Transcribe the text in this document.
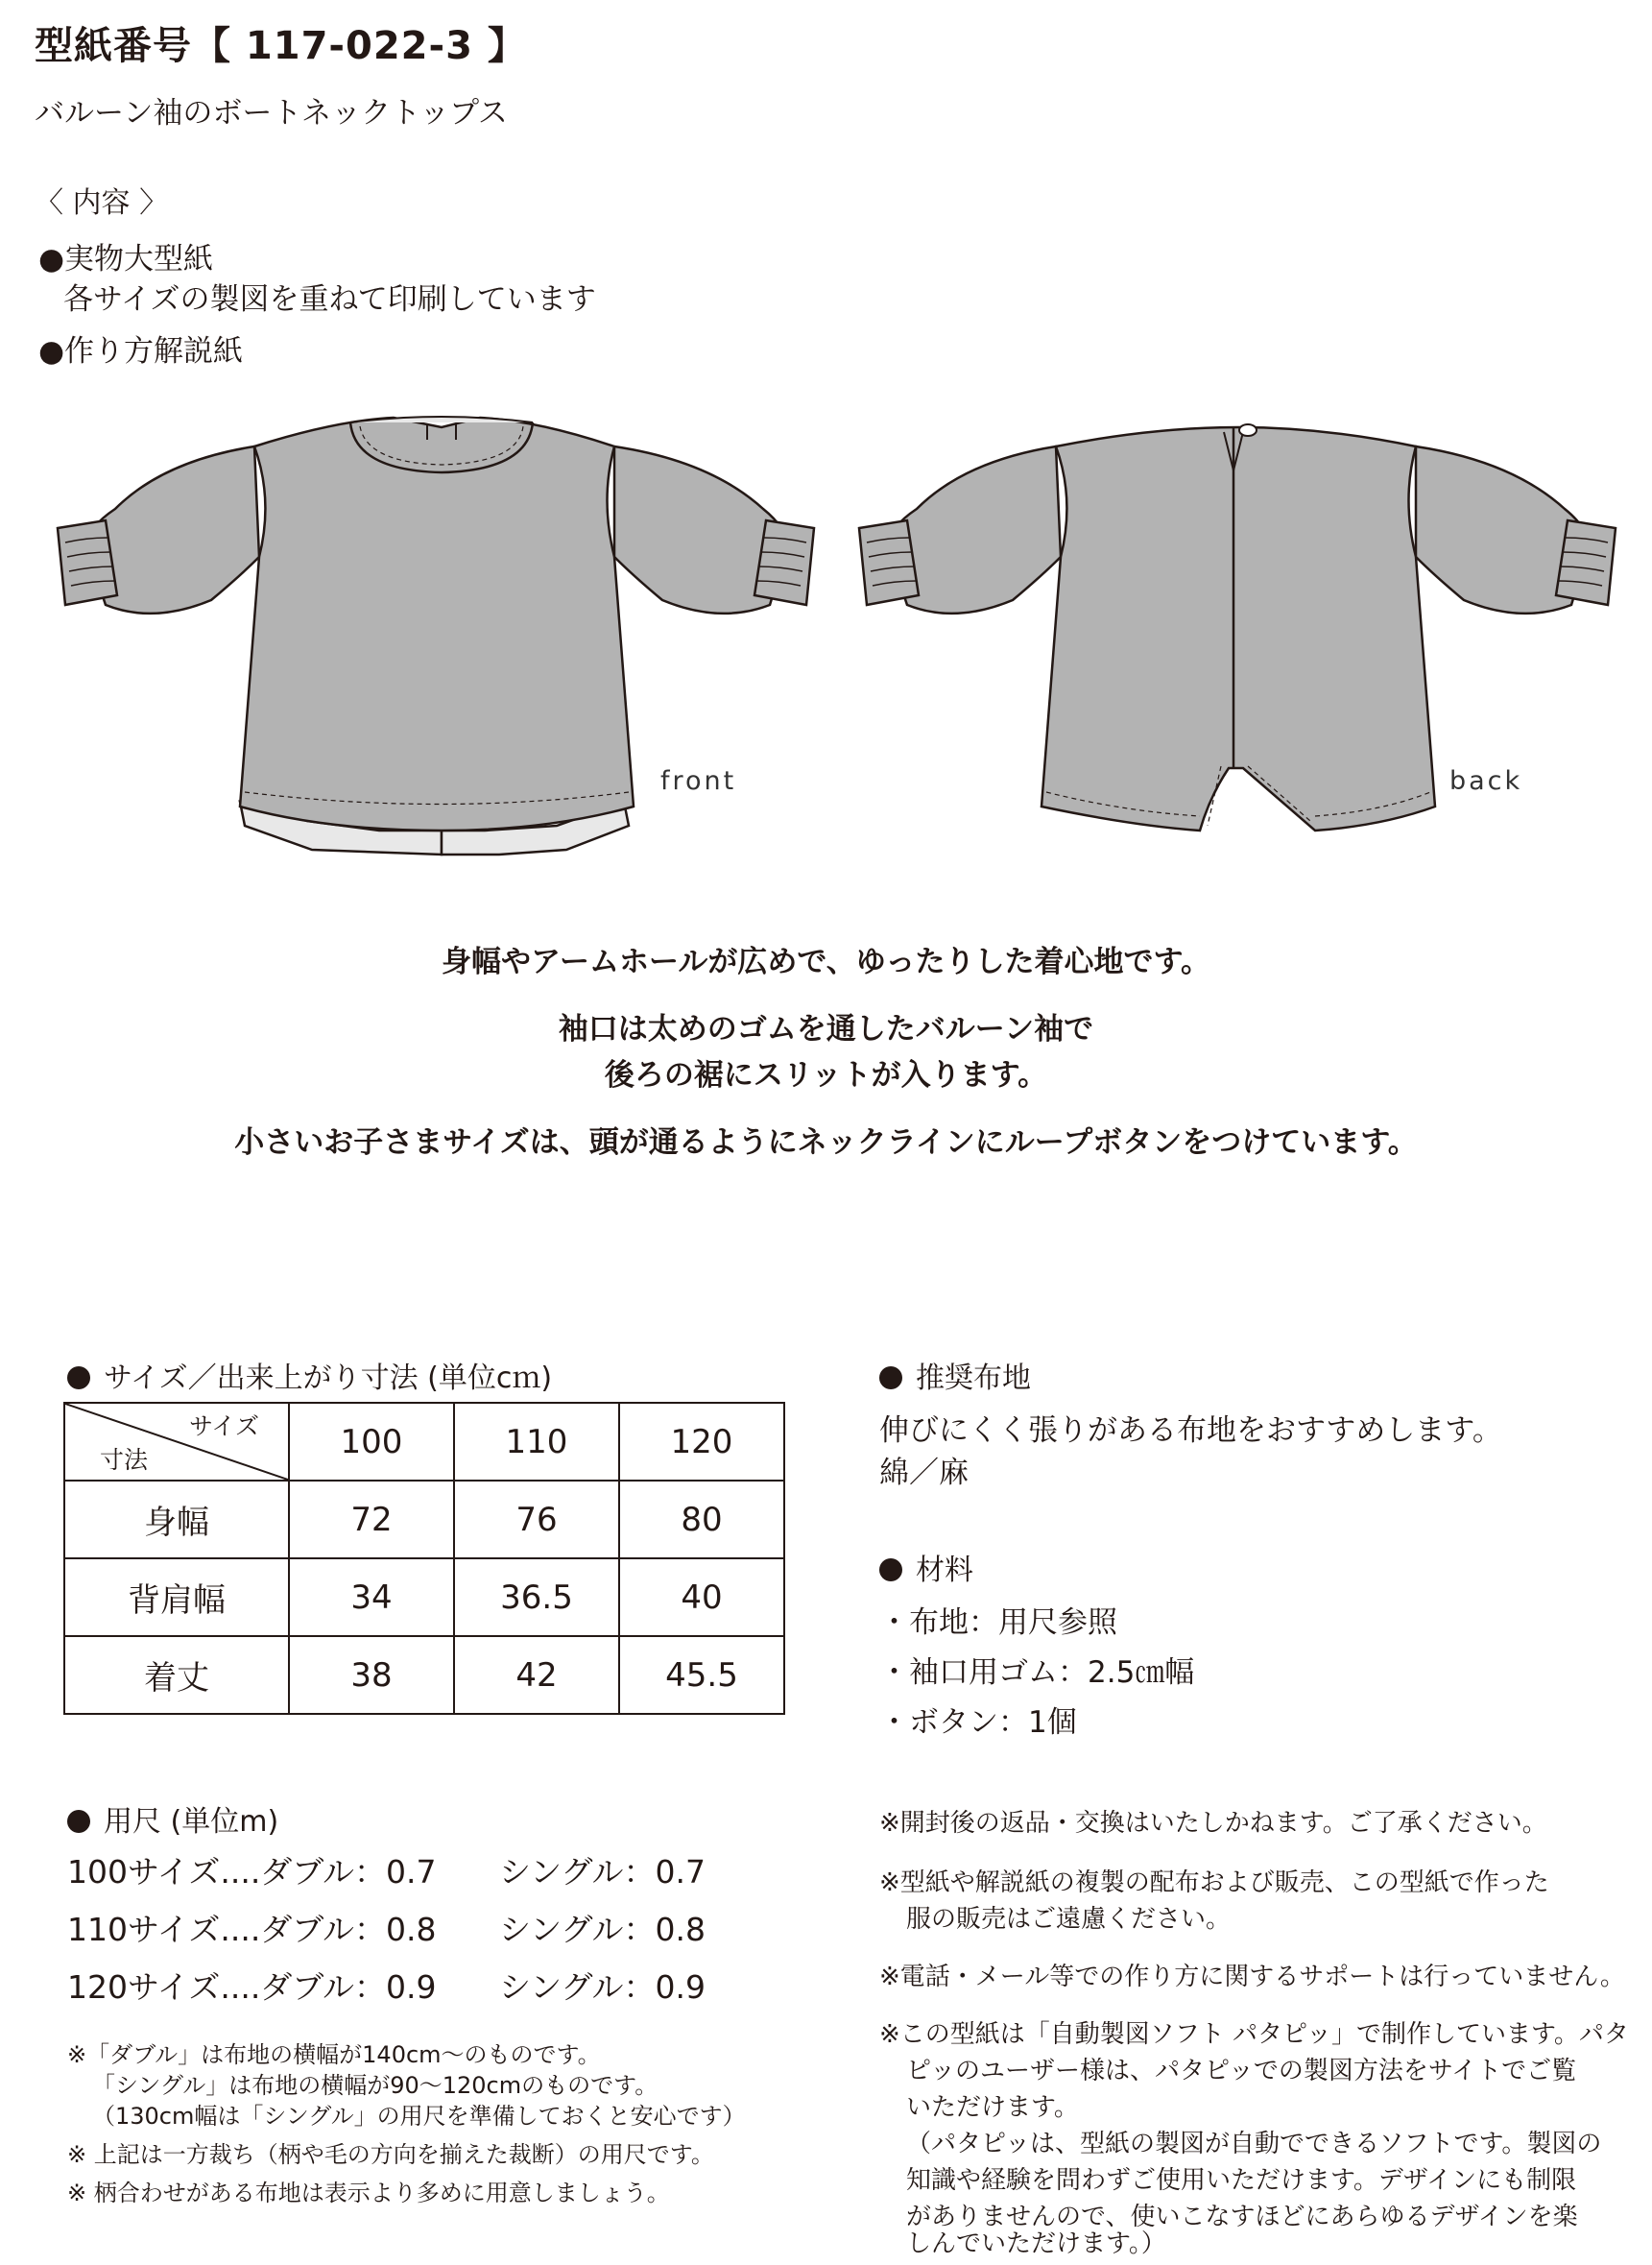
型紙番号【 117-022-3 】
バルーン袖のボートネックトップス
〈 内容 〉
●実物大型紙
各サイズの製図を重ねて印刷しています
●作り方解説紙
front	back
身幅やアームホールが広めで、ゆったりした着心地です。
袖口は太めのゴムを通したバルーン袖で
後ろの裾にスリットが入ります。
小さいお子さまサイズは、頭が通るようにネックラインにループボタンをつけています。
サイズ／出来上がり寸法 (単位cｍ)
サイズ
寸法	100	110	120
身幅	72	76	80
背肩幅	34	36.5	40
着丈	38	42	45.5
用尺 (単位m)
100サイズ....ダブル：0.7 シングル：0.7
110サイズ....ダブル：0.8 シングル：0.8
120サイズ....ダブル：0.9 シングル：0.9
※「ダブル」は布地の横幅が140cm〜のものです。
「シングル」は布地の横幅が90〜120cmのものです。
（130cm幅は「シングル」の用尺を準備しておくと安心です）
※ 上記は一方裁ち（柄や毛の方向を揃えた裁断）の用尺です。
※ 柄合わせがある布地は表示より多めに用意しましょう。
推奨布地
伸びにくく張りがある布地をおすすめします。
綿／麻
材料
・布地：用尺参照
・袖口用ゴム：2.5㎝幅
・ボタン：1個
※開封後の返品・交換はいたしかねます。ご了承ください。
※型紙や解説紙の複製の配布および販売、この型紙で作った
服の販売はご遠慮ください。
※電話・メール等での作り方に関するサポートは行っていません。
※この型紙は「自動製図ソフト パタピッ」で制作しています。パタ
ピッのユーザー様は、パタピッでの製図方法をサイトでご覧
いただけます。
（パタピッは、型紙の製図が自動でできるソフトです。製図の
知識や経験を問わずご使用いただけます。デザインにも制限
がありませんので、使いこなすほどにあらゆるデザインを楽
しんでいただけます。）
